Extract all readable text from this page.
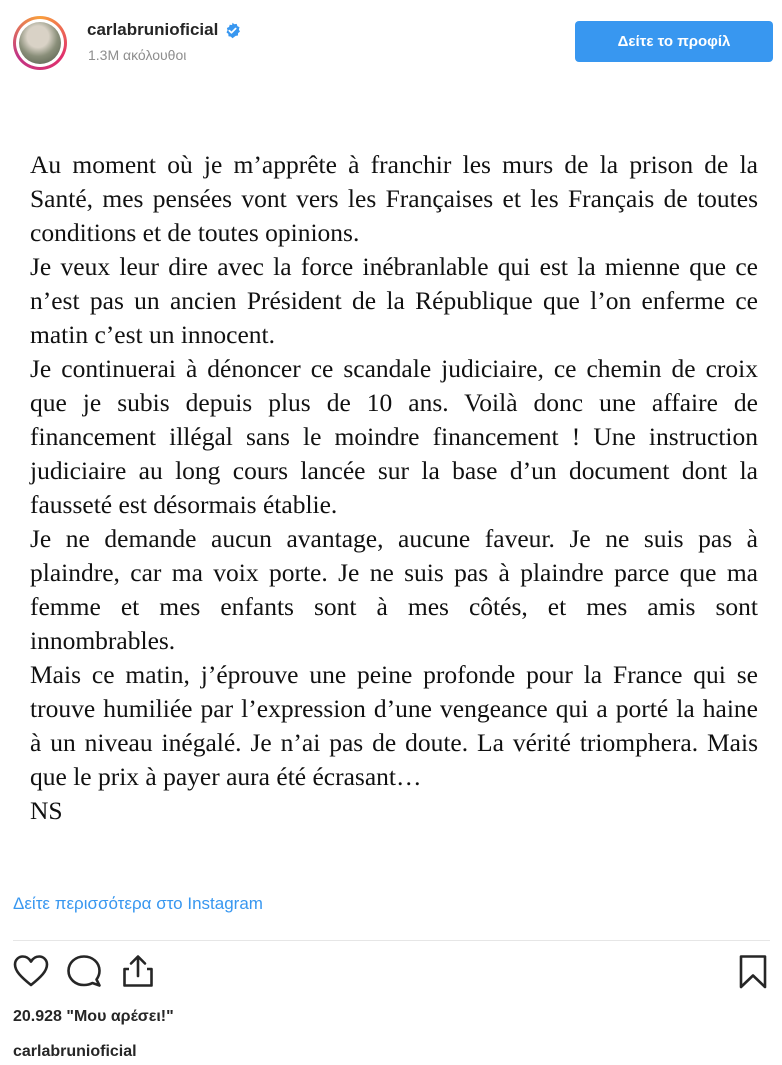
carlabrunioficial
1.3M ακόλουθοι
Δείτε το προφίλ

Au moment où je m’apprête à franchir les murs de la prison de la Santé, mes pensées vont vers les Françaises et les Français de toutes conditions et de toutes opinions.

Je veux leur dire avec la force inébranlable qui est la mienne que ce n’est pas un ancien Président de la République que l’on enferme ce matin c’est un innocent.

Je continuerai à dénoncer ce scandale judiciaire, ce chemin de croix que je subis depuis plus de 10 ans. Voilà donc une affaire de financement illégal sans le moindre financement ! Une instruction judiciaire au long cours lancée sur la base d’un document dont la fausseté est désormais établie.

Je ne demande aucun avantage, aucune faveur. Je ne suis pas à plaindre, car ma voix porte. Je ne suis pas à plaindre parce que ma femme et mes enfants sont à mes côtés, et mes amis sont innombrables.

Mais ce matin, j’éprouve une peine profonde pour la France qui se trouve humiliée par l’expression d’une vengeance qui a porté la haine à un niveau inégalé. Je n’ai pas de doute. La vérité triomphera. Mais que le prix à payer aura été écrasant…

NS

Δείτε περισσότερα στο Instagram
20.928 "Μου αρέσει!"
carlabrunioficial
